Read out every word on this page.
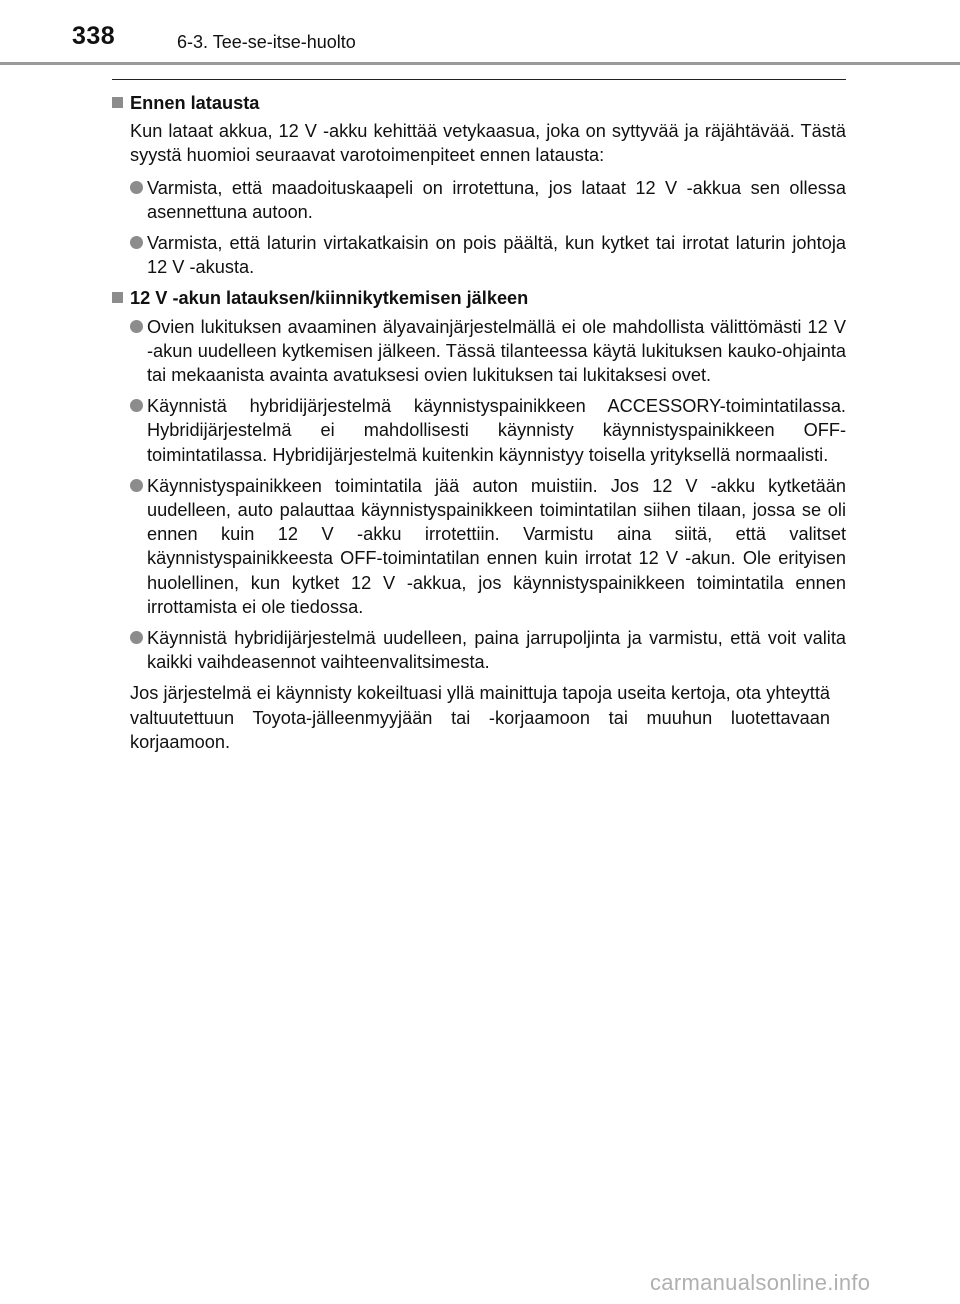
338	6-3. Tee-se-itse-huolto
Ennen latausta
Kun lataat akkua, 12 V -akku kehittää vetykaasua, joka on syttyvää ja räjähtävää. Tästä syystä huomioi seuraavat varotoimenpiteet ennen latausta:
Varmista, että maadoituskaapeli on irrotettuna, jos lataat 12 V -akkua sen ollessa asennettuna autoon.
Varmista, että laturin virtakatkaisin on pois päältä, kun kytket tai irrotat laturin johtoja 12 V -akusta.
12 V -akun latauksen/kiinnikytkemisen jälkeen
Ovien lukituksen avaaminen älyavainjärjestelmällä ei ole mahdollista välittömästi 12 V -akun uudelleen kytkemisen jälkeen. Tässä tilanteessa käytä lukituksen kauko-ohjainta tai mekaanista avainta avatuksesi ovien lukituksen tai lukitaksesi ovet.
Käynnistä hybridijärjestelmä käynnistyspainikkeen ACCESSORY-toimintatilassa. Hybridijärjestelmä ei mahdollisesti käynnisty käynnistyspainikkeen OFF-toimintatilassa. Hybridijärjestelmä kuitenkin käynnistyy toisella yrityksellä normaalisti.
Käynnistyspainikkeen toimintatila jää auton muistiin. Jos 12 V -akku kytketään uudelleen, auto palauttaa käynnistyspainikkeen toimintatilan siihen tilaan, jossa se oli ennen kuin 12 V -akku irrotettiin. Varmistu aina siitä, että valitset käynnistyspainikkeesta OFF-toimintatilan ennen kuin irrotat 12 V -akun. Ole erityisen huolellinen, kun kytket 12 V -akkua, jos käynnistyspainikkeen toimintatila ennen irrottamista ei ole tiedossa.
Käynnistä hybridijärjestelmä uudelleen, paina jarrupoljinta ja varmistu, että voit valita kaikki vaihdeasennot vaihteenvalitsimesta.
Jos järjestelmä ei käynnisty kokeiltuasi yllä mainittuja tapoja useita kertoja, ota yhteyttä valtuutettuun Toyota-jälleenmyyjään tai -korjaamoon tai muuhun luotettavaan korjaamoon.
carmanualsonline.info
